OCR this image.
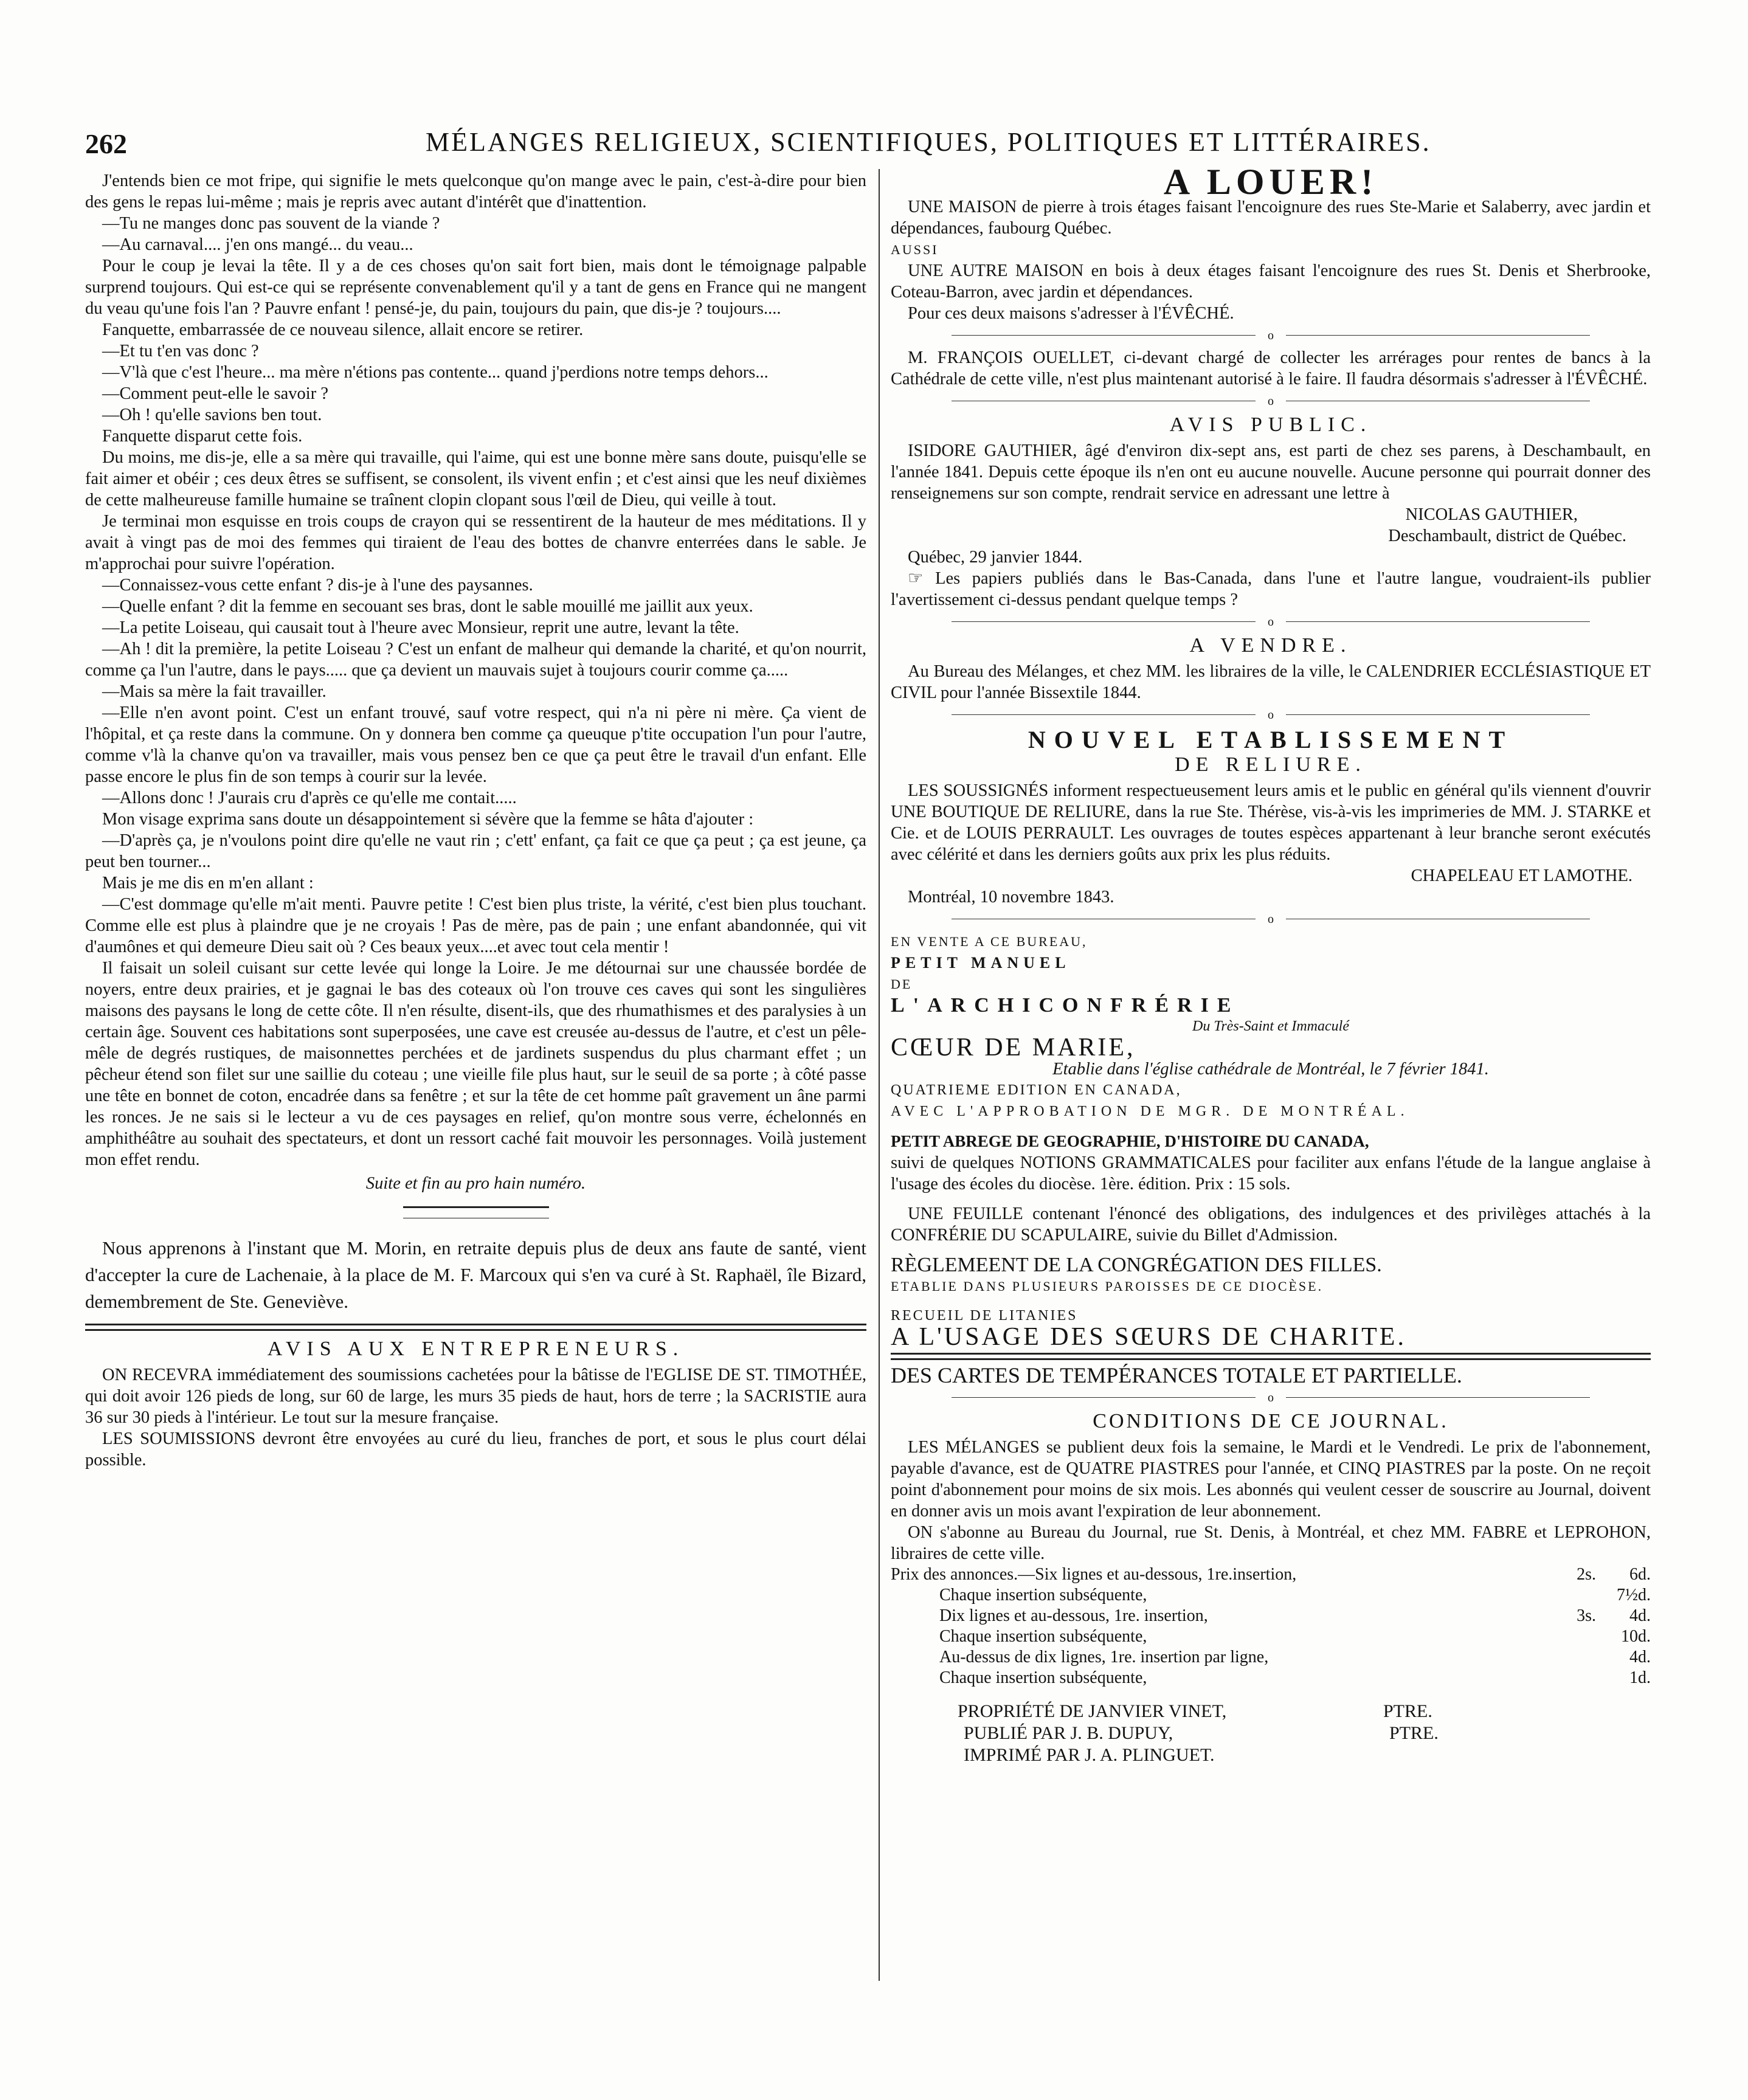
262	MÉLANGES RELIGIEUX, SCIENTIFIQUES, POLITIQUES ET LITTÉRAIRES.

J'entends bien ce mot fripe, qui signifie le mets quelconque qu'on mange avec le pain, c'est-à-dire pour bien des gens le repas lui-même ; mais je repris avec autant d'intérêt que d'inattention.

—Tu ne manges donc pas souvent de la viande ?

—Au carnaval.... j'en ons mangé... du veau...

Pour le coup je levai la tête. Il y a de ces choses qu'on sait fort bien, mais dont le témoignage palpable surprend toujours. Qui est-ce qui se représente convenablement qu'il y a tant de gens en France qui ne mangent du veau qu'une fois l'an ? Pauvre enfant ! pensé-je, du pain, toujours du pain, que dis-je ? toujours....

Fanquette, embarrassée de ce nouveau silence, allait encore se retirer.

—Et tu t'en vas donc ?

—V'là que c'est l'heure... ma mère n'étions pas contente... quand j'perdions notre temps dehors...

—Comment peut-elle le savoir ?

—Oh ! qu'elle savions ben tout.

Fanquette disparut cette fois.

Du moins, me dis-je, elle a sa mère qui travaille, qui l'aime, qui est une bonne mère sans doute, puisqu'elle se fait aimer et obéir ; ces deux êtres se suffisent, se consolent, ils vivent enfin ; et c'est ainsi que les neuf dixièmes de cette malheureuse famille humaine se traînent clopin clopant sous l'œil de Dieu, qui veille à tout.

Je terminai mon esquisse en trois coups de crayon qui se ressentirent de la hauteur de mes méditations. Il y avait à vingt pas de moi des femmes qui tiraient de l'eau des bottes de chanvre enterrées dans le sable. Je m'approchai pour suivre l'opération.

—Connaissez-vous cette enfant ? dis-je à l'une des paysannes.

—Quelle enfant ? dit la femme en secouant ses bras, dont le sable mouillé me jaillit aux yeux.

—La petite Loiseau, qui causait tout à l'heure avec Monsieur, reprit une autre, levant la tête.

—Ah ! dit la première, la petite Loiseau ? C'est un enfant de malheur qui demande la charité, et qu'on nourrit, comme ça l'un l'autre, dans le pays..... que ça devient un mauvais sujet à toujours courir comme ça.....

—Mais sa mère la fait travailler.

—Elle n'en avont point. C'est un enfant trouvé, sauf votre respect, qui n'a ni père ni mère. Ça vient de l'hôpital, et ça reste dans la commune. On y donnera ben comme ça queuque p'tite occupation l'un pour l'autre, comme v'là la chanve qu'on va travailler, mais vous pensez ben ce que ça peut être le travail d'un enfant. Elle passe encore le plus fin de son temps à courir sur la levée.

—Allons donc ! J'aurais cru d'après ce qu'elle me contait.....

Mon visage exprima sans doute un désappointement si sévère que la femme se hâta d'ajouter :

—D'après ça, je n'voulons point dire qu'elle ne vaut rin ; c'ett' enfant, ça fait ce que ça peut ; ça est jeune, ça peut ben tourner...

Mais je me dis en m'en allant :

—C'est dommage qu'elle m'ait menti. Pauvre petite ! C'est bien plus triste, la vérité, c'est bien plus touchant. Comme elle est plus à plaindre que je ne croyais ! Pas de mère, pas de pain ; une enfant abandonnée, qui vit d'aumônes et qui demeure Dieu sait où ? Ces beaux yeux....et avec tout cela mentir !

Il faisait un soleil cuisant sur cette levée qui longe la Loire. Je me détournai sur une chaussée bordée de noyers, entre deux prairies, et je gagnai le bas des coteaux où l'on trouve ces caves qui sont les singulières maisons des paysans le long de cette côte. Il n'en résulte, disent-ils, que des rhumathismes et des paralysies à un certain âge. Souvent ces habitations sont superposées, une cave est creusée au-dessus de l'autre, et c'est un pêle-mêle de degrés rustiques, de maisonnettes perchées et de jardinets suspendus du plus charmant effet ; un pêcheur étend son filet sur une saillie du coteau ; une vieille file plus haut, sur le seuil de sa porte ; à côté passe une tête en bonnet de coton, encadrée dans sa fenêtre ; et sur la tête de cet homme paît gravement un âne parmi les ronces. Je ne sais si le lecteur a vu de ces paysages en relief, qu'on montre sous verre, échelonnés en amphithéâtre au souhait des spectateurs, et dont un ressort caché fait mouvoir les personnages. Voilà justement mon effet rendu.

Suite et fin au pro hain numéro.

Nous apprenons à l'instant que M. Morin, en retraite depuis plus de deux ans faute de santé, vient d'accepter la cure de Lachenaie, à la place de M. F. Marcoux qui s'en va curé à St. Raphaël, île Bizard, demembrement de Ste. Geneviève.

AVIS AUX ENTREPRENEURS.

ON RECEVRA immédiatement des soumissions cachetées pour la bâtisse de l'EGLISE DE ST. TIMOTHÉE, qui doit avoir 126 pieds de long, sur 60 de large, les murs 35 pieds de haut, hors de terre ; la SACRISTIE aura 36 sur 30 pieds à l'intérieur. Le tout sur la mesure française.

LES SOUMISSIONS devront être envoyées au curé du lieu, franches de port, et sous le plus court délai possible.

A LOUER!

UNE MAISON de pierre à trois étages faisant l'encoignure des rues Ste-Marie et Salaberry, avec jardin et dépendances, faubourg Québec.

AUSSI

UNE AUTRE MAISON en bois à deux étages faisant l'encoignure des rues St. Denis et Sherbrooke, Coteau-Barron, avec jardin et dépendances.

Pour ces deux maisons s'adresser à l'ÉVÊCHÉ.

o

M. FRANÇOIS OUELLET, ci-devant chargé de collecter les arrérages pour rentes de bancs à la Cathédrale de cette ville, n'est plus maintenant autorisé à le faire. Il faudra désormais s'adresser à l'ÉVÊCHÉ.

o
AVIS PUBLIC.

ISIDORE GAUTHIER, âgé d'environ dix-sept ans, est parti de chez ses parens, à Deschambault, en l'année 1841. Depuis cette époque ils n'en ont eu aucune nouvelle. Aucune personne qui pourrait donner des renseignemens sur son compte, rendrait service en adressant une lettre à

NICOLAS GAUTHIER,

Deschambault, district de Québec.

Québec, 29 janvier 1844.

☞ Les papiers publiés dans le Bas-Canada, dans l'une et l'autre langue, voudraient-ils publier l'avertissement ci-dessus pendant quelque temps ?

o
A VENDRE.

Au Bureau des Mélanges, et chez MM. les libraires de la ville, le CALENDRIER ECCLÉSIASTIQUE ET CIVIL pour l'année Bissextile 1844.

o
NOUVEL ETABLISSEMENT
DE RELIURE.

LES SOUSSIGNÉS informent respectueusement leurs amis et le public en général qu'ils viennent d'ouvrir UNE BOUTIQUE DE RELIURE, dans la rue Ste. Thérèse, vis-à-vis les imprimeries de MM. J. STARKE et Cie. et de LOUIS PERRAULT. Les ouvrages de toutes espèces appartenant à leur branche seront exécutés avec célérité et dans les derniers goûts aux prix les plus réduits.

CHAPELEAU ET LAMOTHE.

Montréal, 10 novembre 1843.

o

EN VENTE A CE BUREAU,

PETIT MANUEL

DE

L'ARCHICONFRÉRIE

Du Très-Saint et Immaculé

CŒUR DE MARIE,

Etablie dans l'église cathédrale de Montréal, le 7 février 1841.

QUATRIEME EDITION EN CANADA,

AVEC L'APPROBATION DE MGR. DE MONTRÉAL.

PETIT ABREGE DE GEOGRAPHIE, D'HISTOIRE DU CANADA,

suivi de quelques NOTIONS GRAMMATICALES pour faciliter aux enfans l'étude de la langue anglaise à l'usage des écoles du diocèse. 1ère. édition. Prix : 15 sols.

UNE FEUILLE contenant l'énoncé des obligations, des indulgences et des privilèges attachés à la CONFRÉRIE DU SCAPULAIRE, suivie du Billet d'Admission.

RÈGLEMEENT DE LA CONGRÉGATION DES FILLES.

ETABLIE DANS PLUSIEURS PAROISSES DE CE DIOCÈSE.

RECUEIL DE LITANIES

A L'USAGE DES SŒURS DE CHARITE.

DES CARTES DE TEMPÉRANCES TOTALE ET PARTIELLE.

o
CONDITIONS DE CE JOURNAL.

LES MÉLANGES se publient deux fois la semaine, le Mardi et le Vendredi. Le prix de l'abonnement, payable d'avance, est de QUATRE PIASTRES pour l'année, et CINQ PIASTRES par la poste. On ne reçoit point d'abonnement pour moins de six mois. Les abonnés qui veulent cesser de souscrire au Journal, doivent en donner avis un mois avant l'expiration de leur abonnement.

ON s'abonne au Bureau du Journal, rue St. Denis, à Montréal, et chez MM. FABRE et LEPROHON, libraires de cette ville.

Prix des annonces.—Six lignes et au-dessous, 1re.insertion,	2s.	6d.
Chaque insertion subséquente,		7½d.
Dix lignes et au-dessous, 1re. insertion,	3s.	4d.
Chaque insertion subséquente,		10d.
Au-dessus de dix lignes, 1re. insertion par ligne,		4d.
Chaque insertion subséquente,		1d.
PROPRIÉTÉ DE JANVIER VINET,	PTRE.
PUBLIÉ PAR J. B. DUPUY,	PTRE.
IMPRIMÉ PAR J. A. PLINGUET.
